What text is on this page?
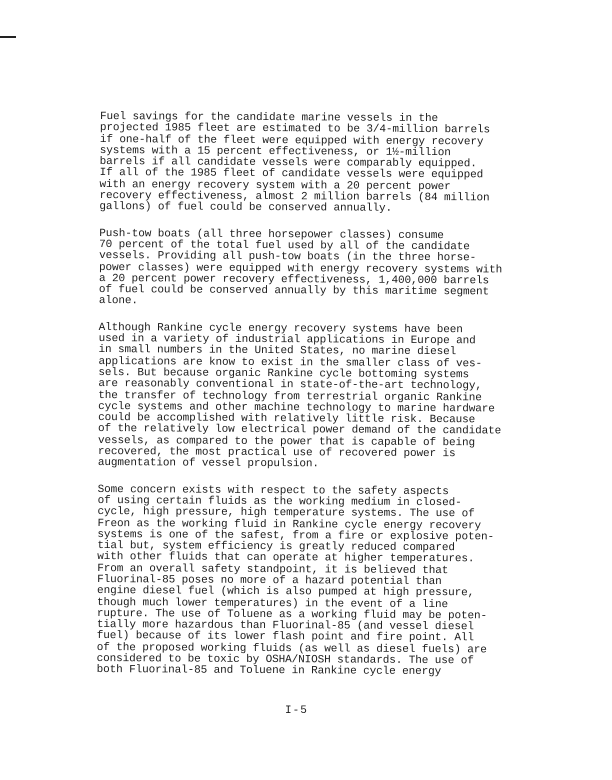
Fuel savings for the candidate marine vessels in the
projected 1985 fleet are estimated to be 3/4-million barrels
if one-half of the fleet were equipped with energy recovery
systems with a 15 percent effectiveness, or 1½-million
barrels if all candidate vessels were comparably equipped.
If all of the 1985 fleet of candidate vessels were equipped
with an energy recovery system with a 20 percent power
recovery effectiveness, almost 2 million barrels (84 million
gallons) of fuel could be conserved annually.
Push-tow boats (all three horsepower classes) consume
70 percent of the total fuel used by all of the candidate
vessels. Providing all push-tow boats (in the three horse-
power classes) were equipped with energy recovery systems with
a 20 percent power recovery effectiveness, 1,400,000 barrels
of fuel could be conserved annually by this maritime segment
alone.
Although Rankine cycle energy recovery systems have been
used in a variety of industrial applications in Europe and
in small numbers in the United States, no marine diesel
applications are know to exist in the smaller class of ves-
sels. But because organic Rankine cycle bottoming systems
are reasonably conventional in state-of-the-art technology,
the transfer of technology from terrestrial organic Rankine
cycle systems and other machine technology to marine hardware
could be accomplished with relatively little risk. Because
of the relatively low electrical power demand of the candidate
vessels, as compared to the power that is capable of being
recovered, the most practical use of recovered power is
augmentation of vessel propulsion.
Some concern exists with respect to the safety aspects
of using certain fluids as the working medium in closed-
cycle, high pressure, high temperature systems. The use of
Freon as the working fluid in Rankine cycle energy recovery
systems is one of the safest, from a fire or explosive poten-
tial but, system efficiency is greatly reduced compared
with other fluids that can operate at higher temperatures.
From an overall safety standpoint, it is believed that
Fluorinal-85 poses no more of a hazard potential than
engine diesel fuel (which is also pumped at high pressure,
though much lower temperatures) in the event of a line
rupture. The use of Toluene as a working fluid may be poten-
tially more hazardous than Fluorinal-85 (and vessel diesel
fuel) because of its lower flash point and fire point. All
of the proposed working fluids (as well as diesel fuels) are
considered to be toxic by OSHA/NIOSH standards. The use of
both Fluorinal-85 and Toluene in Rankine cycle energy
I-5
